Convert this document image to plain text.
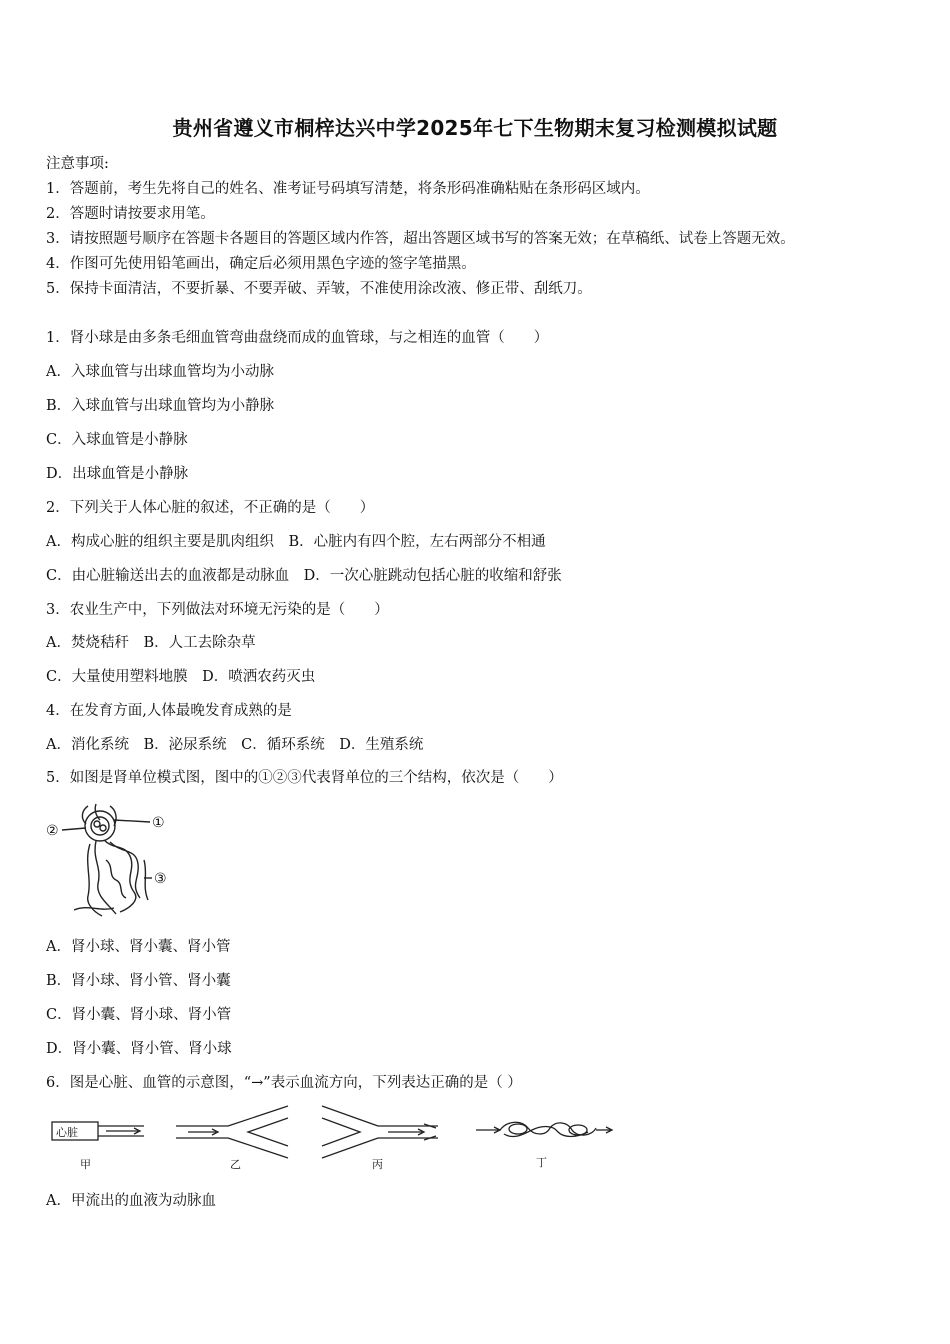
贵州省遵义市桐梓达兴中学2025年七下生物期末复习检测模拟试题
注意事项:
1．答题前，考生先将自己的姓名、准考证号码填写清楚，将条形码准确粘贴在条形码区域内。
2．答题时请按要求用笔。
3．请按照题号顺序在答题卡各题目的答题区域内作答，超出答题区域书写的答案无效；在草稿纸、试卷上答题无效。
4．作图可先使用铅笔画出，确定后必须用黑色字迹的签字笔描黑。
5．保持卡面清洁，不要折暴、不要弄破、弄皱，不准使用涂改液、修正带、刮纸刀。
1．肾小球是由多条毛细血管弯曲盘绕而成的血管球，与之相连的血管（　　）
A．入球血管与出球血管均为小动脉
B．入球血管与出球血管均为小静脉
C．入球血管是小静脉
D．出球血管是小静脉
2．下列关于人体心脏的叙述，不正确的是（　　）
A．构成心脏的组织主要是肌肉组织　B．心脏内有四个腔，左右两部分不相通
C．由心脏输送出去的血液都是动脉血　D．一次心脏跳动包括心脏的收缩和舒张
3．农业生产中，下列做法对环境无污染的是（　　）
A．焚烧秸秆　B．人工去除杂草
C．大量使用塑料地膜　D．喷洒农药灭虫
4．在发育方面,人体最晚发育成熟的是
A．消化系统　B．泌尿系统　C．循环系统　D．生殖系统
5．如图是肾单位模式图，图中的①②③代表肾单位的三个结构，依次是（　　）
②	①
③
A．肾小球、肾小囊、肾小管
B．肾小球、肾小管、肾小囊
C．肾小囊、肾小球、肾小管
D．肾小囊、肾小管、肾小球
6．图是心脏、血管的示意图，“→”表示血流方向，下列表达正确的是（ ）
心脏
甲	乙	丙	丁
A．甲流出的血液为动脉血
